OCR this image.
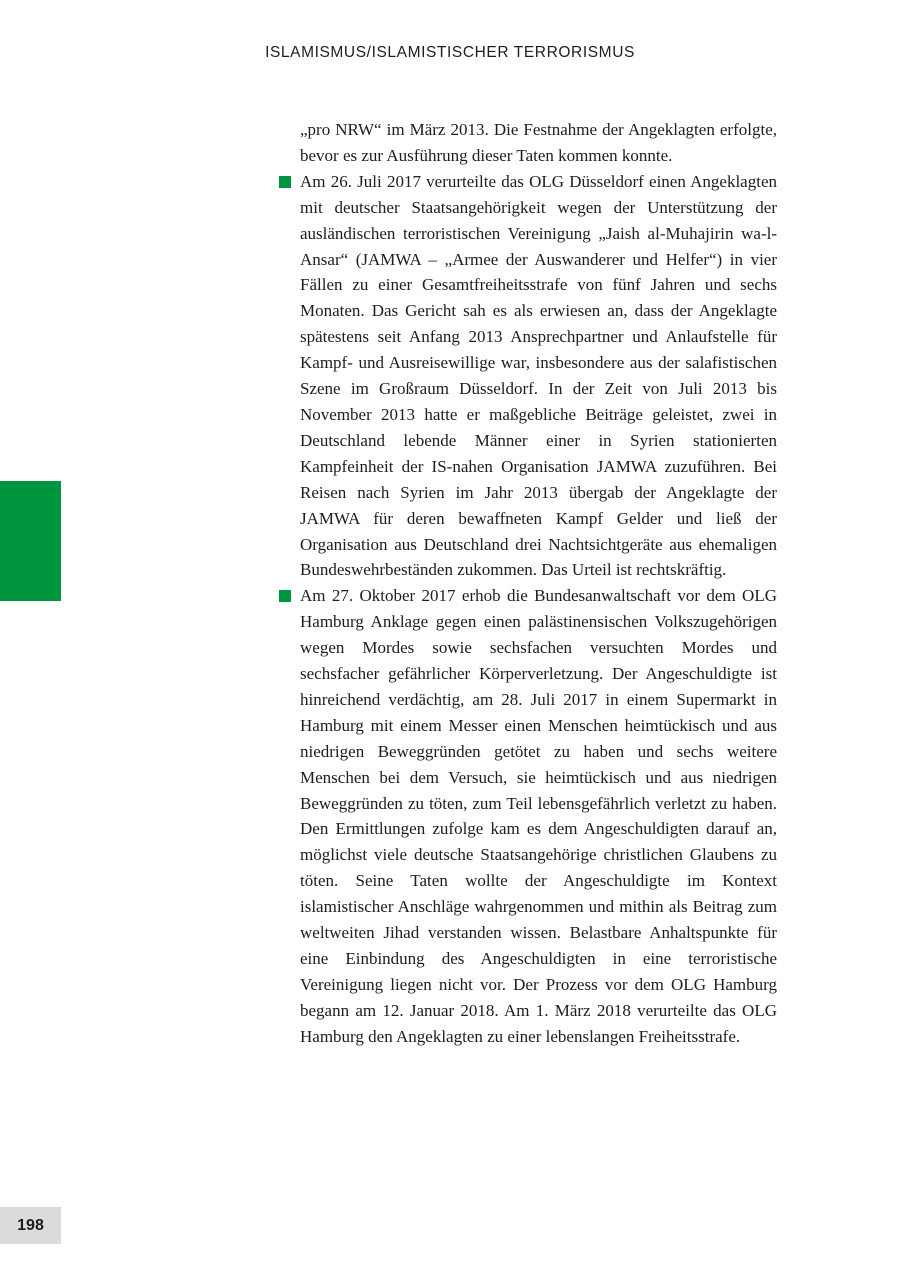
ISLAMISMUS/ISLAMISTISCHER TERRORISMUS

„pro NRW“ im März 2013. Die Festnahme der Angeklagten erfolgte, bevor es zur Ausführung dieser Taten kommen konnte.

Am 26. Juli 2017 verurteilte das OLG Düsseldorf einen Angeklagten mit deutscher Staatsangehörigkeit wegen der Unterstützung der ausländischen terroristischen Vereinigung „Jaish al-Muhajirin wa-l-Ansar“ (JAMWA – „Armee der Auswanderer und Helfer“) in vier Fällen zu einer Gesamtfreiheitsstrafe von fünf Jahren und sechs Monaten. Das Gericht sah es als erwiesen an, dass der Angeklagte spätestens seit Anfang 2013 Ansprechpartner und Anlaufstelle für Kampf- und Ausreisewillige war, insbesondere aus der salafistischen Szene im Großraum Düsseldorf. In der Zeit von Juli 2013 bis November 2013 hatte er maßgebliche Beiträge geleistet, zwei in Deutschland lebende Männer einer in Syrien stationierten Kampfeinheit der IS-nahen Organisation JAMWA zuzuführen. Bei Reisen nach Syrien im Jahr 2013 übergab der Angeklagte der JAMWA für deren bewaffneten Kampf Gelder und ließ der Organisation aus Deutschland drei Nachtsichtgeräte aus ehemaligen Bundeswehrbeständen zukommen. Das Urteil ist rechtskräftig.

Am 27. Oktober 2017 erhob die Bundesanwaltschaft vor dem OLG Hamburg Anklage gegen einen palästinensischen Volkszugehörigen wegen Mordes sowie sechsfachen versuchten Mordes und sechsfacher gefährlicher Körperverletzung. Der Angeschuldigte ist hinreichend verdächtig, am 28. Juli 2017 in einem Supermarkt in Hamburg mit einem Messer einen Menschen heimtückisch und aus niedrigen Beweggründen getötet zu haben und sechs weitere Menschen bei dem Versuch, sie heimtückisch und aus niedrigen Beweggründen zu töten, zum Teil lebensgefährlich verletzt zu haben. Den Ermittlungen zufolge kam es dem Angeschuldigten darauf an, möglichst viele deutsche Staatsangehörige christlichen Glaubens zu töten. Seine Taten wollte der Angeschuldigte im Kontext islamistischer Anschläge wahrgenommen und mithin als Beitrag zum weltweiten Jihad verstanden wissen. Belastbare Anhaltspunkte für eine Einbindung des Angeschuldigten in eine terroristische Vereinigung liegen nicht vor. Der Prozess vor dem OLG Hamburg begann am 12. Januar 2018. Am 1. März 2018 verurteilte das OLG Hamburg den Angeklagten zu einer lebenslangen Freiheitsstrafe.

198
